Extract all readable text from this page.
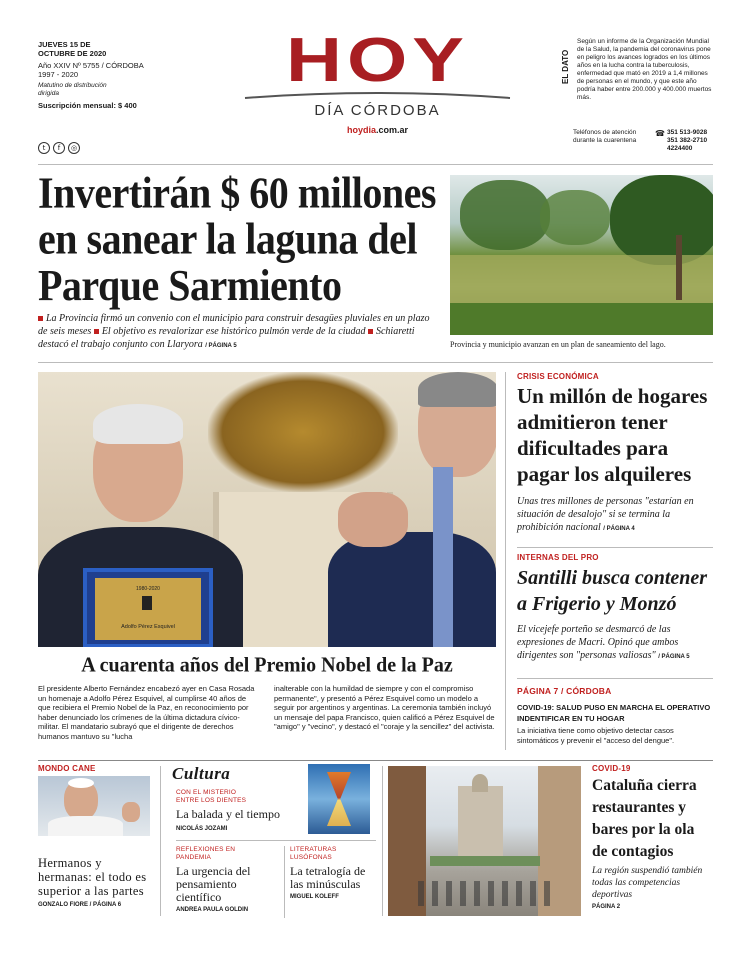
JUEVES 15 DE OCTUBRE DE 2020
Año XXIV Nº 5755 / CÓRDOBA
1997 - 2020
Matutino de distribución dirigida
Suscripción mensual: $ 400
t	f	◎
HOY
DÍA CÓRDOBA
hoydia.com.ar
EL DATO
Según un informe de la Organización Mundial de la Salud, la pandemia del coronavirus pone en peligro los avances logrados en los últimos años en la lucha contra la tuberculosis, enfermedad que mató en 2019 a 1,4 millones de personas en el mundo, y que este año podría haber entre 200.000 y 400.000 muertos más.
Teléfonos de atención durante la cuarentena
☎ 351 513-9028
351 382-2710
4224400
Invertirán $ 60 millones en sanear la laguna del Parque Sarmiento
La Provincia firmó un convenio con el municipio para construir desagües pluviales en un plazo de seis meses El objetivo es revalorizar ese histórico pulmón verde de la ciudad Schiaretti destacó el trabajo conjunto con Llaryora / PÁGINA 5	Provincia y municipio avanzan en un plan de saneamiento del lago.
1980-2020
Adolfo Pérez Esquivel
A cuarenta años del Premio Nobel de la Paz
El presidente Alberto Fernández encabezó ayer en Casa Rosada un homenaje a Adolfo Pérez Esquivel, al cumplirse 40 años de que recibiera el Premio Nobel de la Paz, en reconocimiento por haber denunciado los crímenes de la última dictadura cívico-militar. El mandatario subrayó que el dirigente de derechos humanos mantuvo su "lucha
inalterable con la humildad de siempre y con el compromiso permanente", y presentó a Pérez Esquivel como un modelo a seguir por argentinos y argentinas. La ceremonia también incluyó un mensaje del papa Francisco, quien calificó a Pérez Esquivel de "amigo" y "vecino", y destacó el "coraje y la sencillez" del activista.
CRISIS ECONÓMICA
Un millón de hogares admitieron tener dificultades para pagar los alquileres
Unas tres millones de personas "estarían en situación de desalojo" si se termina la prohibición nacional / PÁGINA 4
INTERNAS DEL PRO
Santilli busca contener a Frigerio y Monzó
El vicejefe porteño se desmarcó de las expresiones de Macri. Opinó que ambos dirigentes son "personas valiosas" / PÁGINA 5
PÁGINA 7 / CÓRDOBA
COVID-19: SALUD PUSO EN MARCHA EL OPERATIVO INDENTIFICAR EN TU HOGAR
La iniciativa tiene como objetivo detectar casos sintomáticos y prevenir el "acceso del dengue".
MONDO CANE
Hermanos y hermanas: el todo es superior a las partes
GONZALO FIORE / PÁGINA 6
Cultura
CON EL MISTERIO ENTRE LOS DIENTES
La balada y el tiempo
NICOLÁS JOZAMI
REFLEXIONES EN PANDEMIA
La urgencia del pensamiento científico
ANDREA PAULA GOLDIN
LITERATURAS LUSÓFONAS
La tetralogía de las minúsculas
MIGUEL KOLEFF
COVID-19
Cataluña cierra restaurantes y bares por la ola de contagios
La región suspendió también todas las competencias deportivas
PÁGINA 2
